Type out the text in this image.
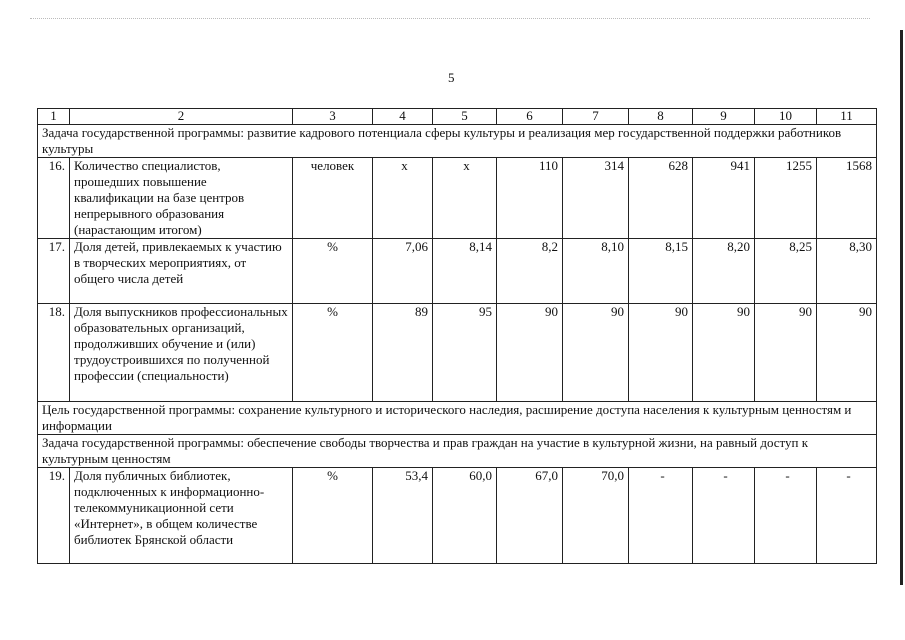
5
1	2	3	4	5	6	7	8	9	10	11
Задача государственной программы: развитие кадрового потенциала сферы культуры и реализация мер государственной поддержки работников культуры										
16.	Количество специалистов, прошедших повышение квалификации на базе центров непрерывного образования (нарастающим итогом)	человек	х	х	110	314	628	941	1255	1568
17.	Доля детей, привлекаемых к участию в творческих мероприятиях, от общего числа детей	%	7,06	8,14	8,2	8,10	8,15	8,20	8,25	8,30
18.	Доля выпускников профессиональных образовательных организаций, продолживших обучение и (или) трудоустроившихся по полученной профессии (специальности)	%	89	95	90	90	90	90	90	90
Цель государственной программы: сохранение культурного и исторического наследия, расширение доступа населения к культурным ценностям и информации										
Задача государственной программы: обеспечение свободы творчества и прав граждан на участие в культурной жизни, на равный доступ к культурным ценностям										
19.	Доля публичных библиотек, подключенных к информационно-телекоммуникационной сети «Интернет», в общем количестве библиотек Брянской области	%	53,4	60,0	67,0	70,0	-	-	-	-
